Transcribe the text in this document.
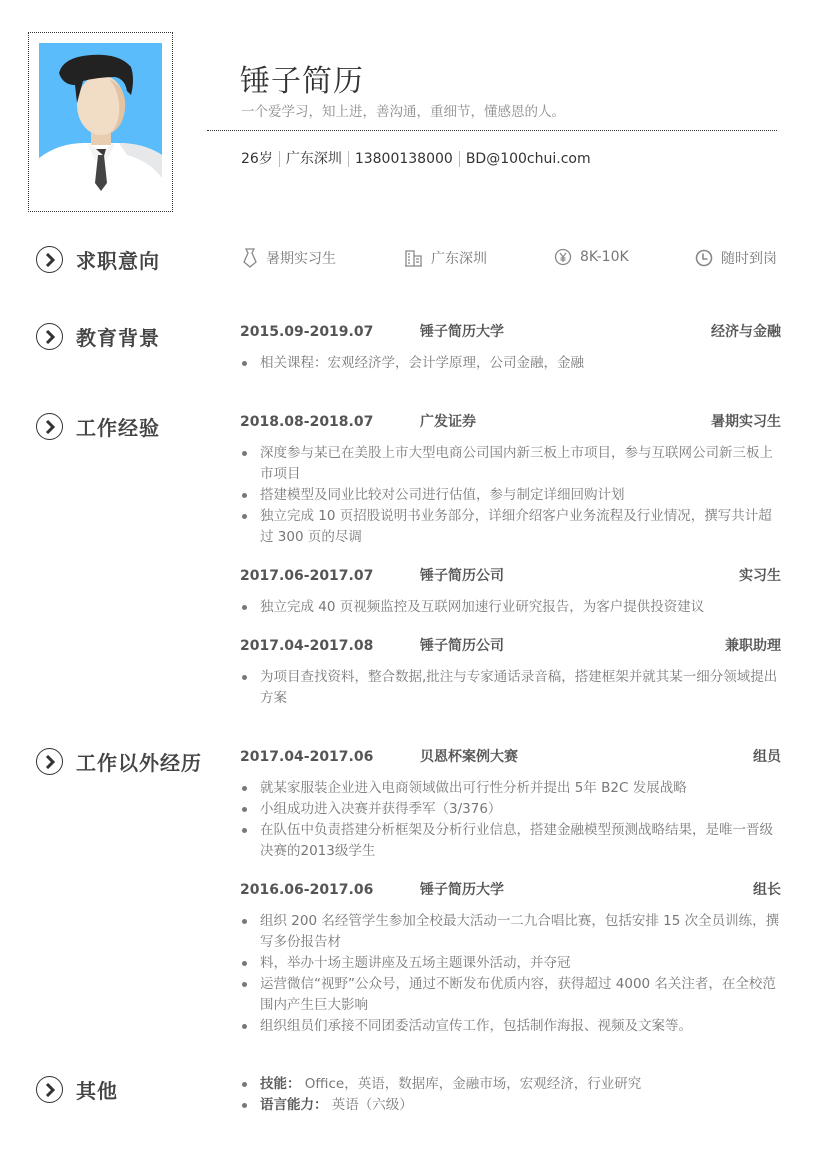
锤子简历
一个爱学习，知上进，善沟通，重细节，懂感恩的人。
26岁 广东深圳 13800138000 BD@100chui.com
求职意向	暑期实习生	广东深圳	8K-10K	随时到岗
教育背景	2015.09-2019.07	锤子简历大学	经济与金融
相关课程：宏观经济学，会计学原理，公司金融，金融
工作经验	2018.08-2018.07	广发证券	暑期实习生
深度参与某已在美股上市大型电商公司国内新三板上市项目，参与互联网公司新三板上市项目
搭建模型及同业比较对公司进行估值，参与制定详细回购计划
独立完成 10 页招股说明书业务部分，详细介绍客户业务流程及行业情况，撰写共计超过 300 页的尽调
2017.06-2017.07	锤子简历公司	实习生
独立完成 40 页视频监控及互联网加速行业研究报告，为客户提供投资建议
2017.04-2017.08	锤子简历公司	兼职助理
为项目查找资料，整合数据,批注与专家通话录音稿，搭建框架并就其某一细分领域提出方案
工作以外经历	2017.04-2017.06	贝恩杯案例大赛	组员
就某家服装企业进入电商领域做出可行性分析并提出 5年 B2C 发展战略
小组成功进入决赛并获得季军（3/376）
在队伍中负责搭建分析框架及分析行业信息，搭建金融模型预测战略结果，是唯一晋级决赛的2013级学生
2016.06-2017.06	锤子简历大学	组长
组织 200 名经管学生参加全校最大活动一二九合唱比赛，包括安排 15 次全员训练，撰写多份报告材
料，举办十场主题讲座及五场主题课外活动，并夺冠
运营微信“视野”公众号，通过不断发布优质内容，获得超过 4000 名关注者，在全校范围内产生巨大影响
组织组员们承接不同团委活动宣传工作，包括制作海报、视频及文案等。
其他	技能： Office，英语，数据库，金融市场，宏观经济，行业研究
语言能力： 英语（六级）
